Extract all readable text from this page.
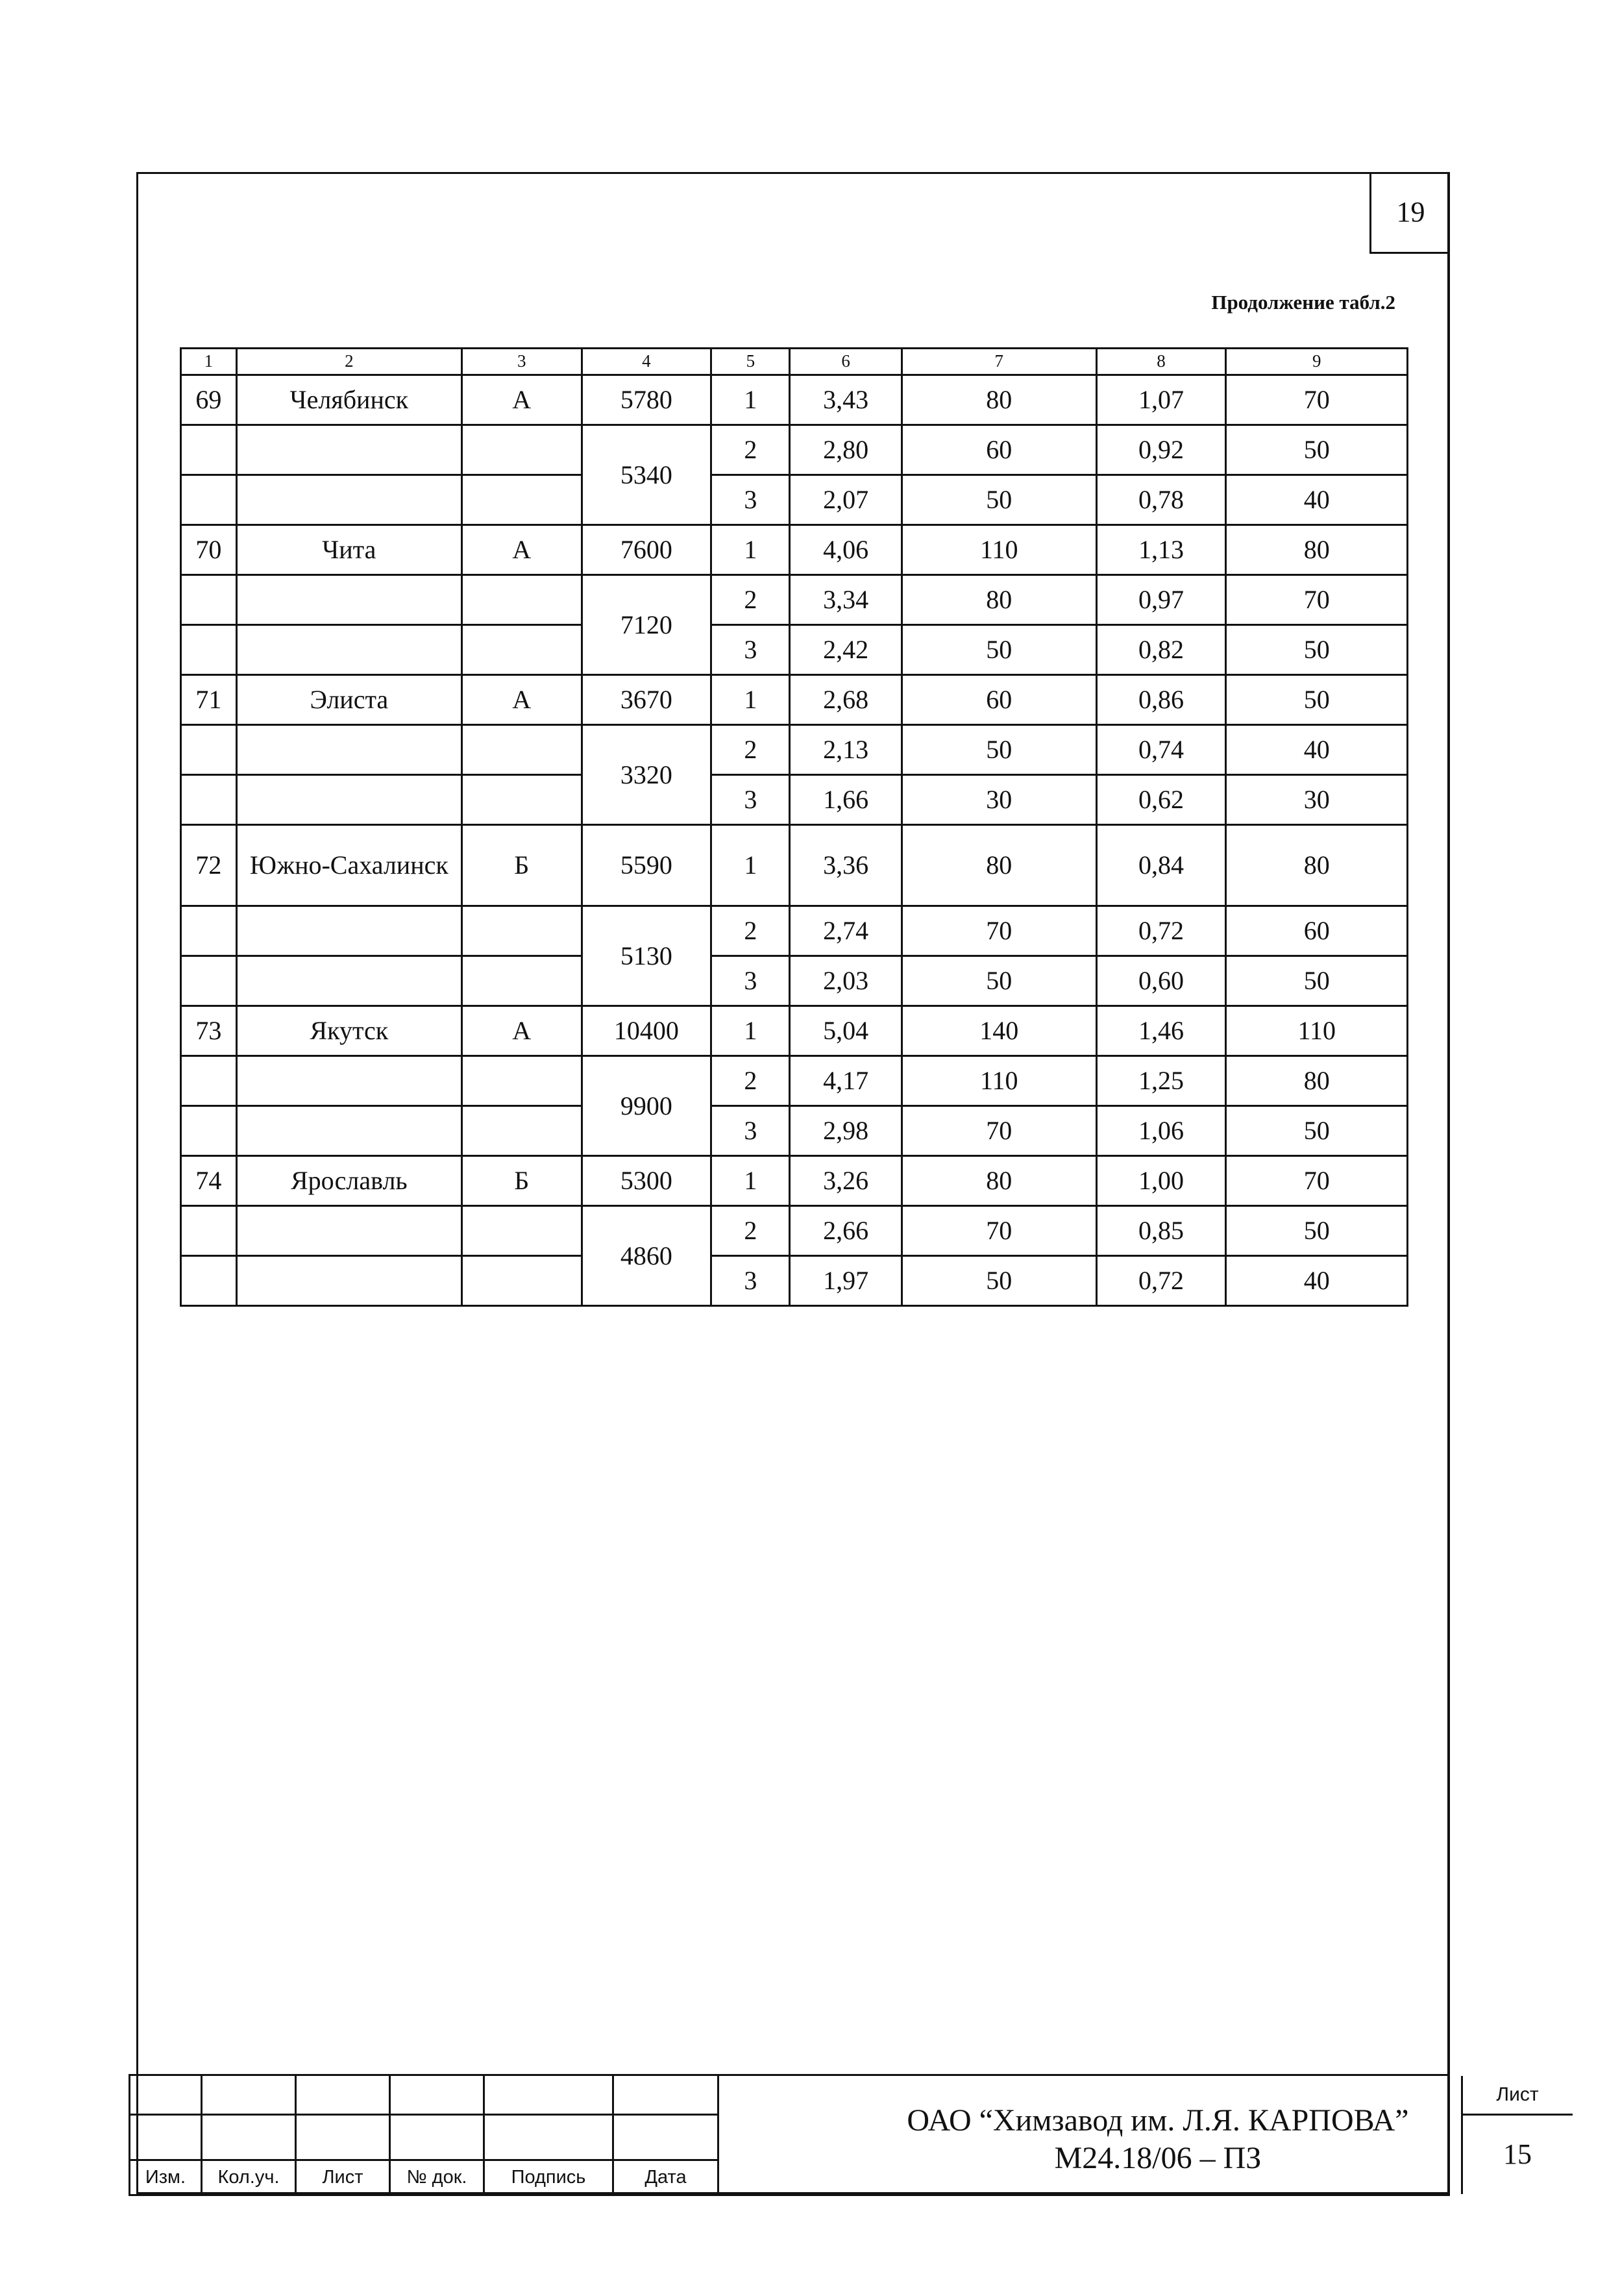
19
Продолжение табл.2
1	2	3	4	5	6	7	8	9
69	Челябинск	А	5780	1	3,43	80	1,07	70
			5340	2	2,80	60	0,92	50
				3	2,07	50	0,78	40
70	Чита	А	7600	1	4,06	110	1,13	80
			7120	2	3,34	80	0,97	70
				3	2,42	50	0,82	50
71	Элиста	А	3670	1	2,68	60	0,86	50
			3320	2	2,13	50	0,74	40
				3	1,66	30	0,62	30
72	Южно-Сахалинск	Б	5590	1	3,36	80	0,84	80
			5130	2	2,74	70	0,72	60
				3	2,03	50	0,60	50
73	Якутск	А	10400	1	5,04	140	1,46	110
			9900	2	4,17	110	1,25	80
				3	2,98	70	1,06	50
74	Ярославль	Б	5300	1	3,26	80	1,00	70
			4860	2	2,66	70	0,85	50
				3	1,97	50	0,72	40
Изм.	Кол.уч.	Лист	№ док.	Подпись	Дата
ОАО “Химзавод им. Л.Я. КАРПОВА”
М24.18/06 – ПЗ
Лист
15
